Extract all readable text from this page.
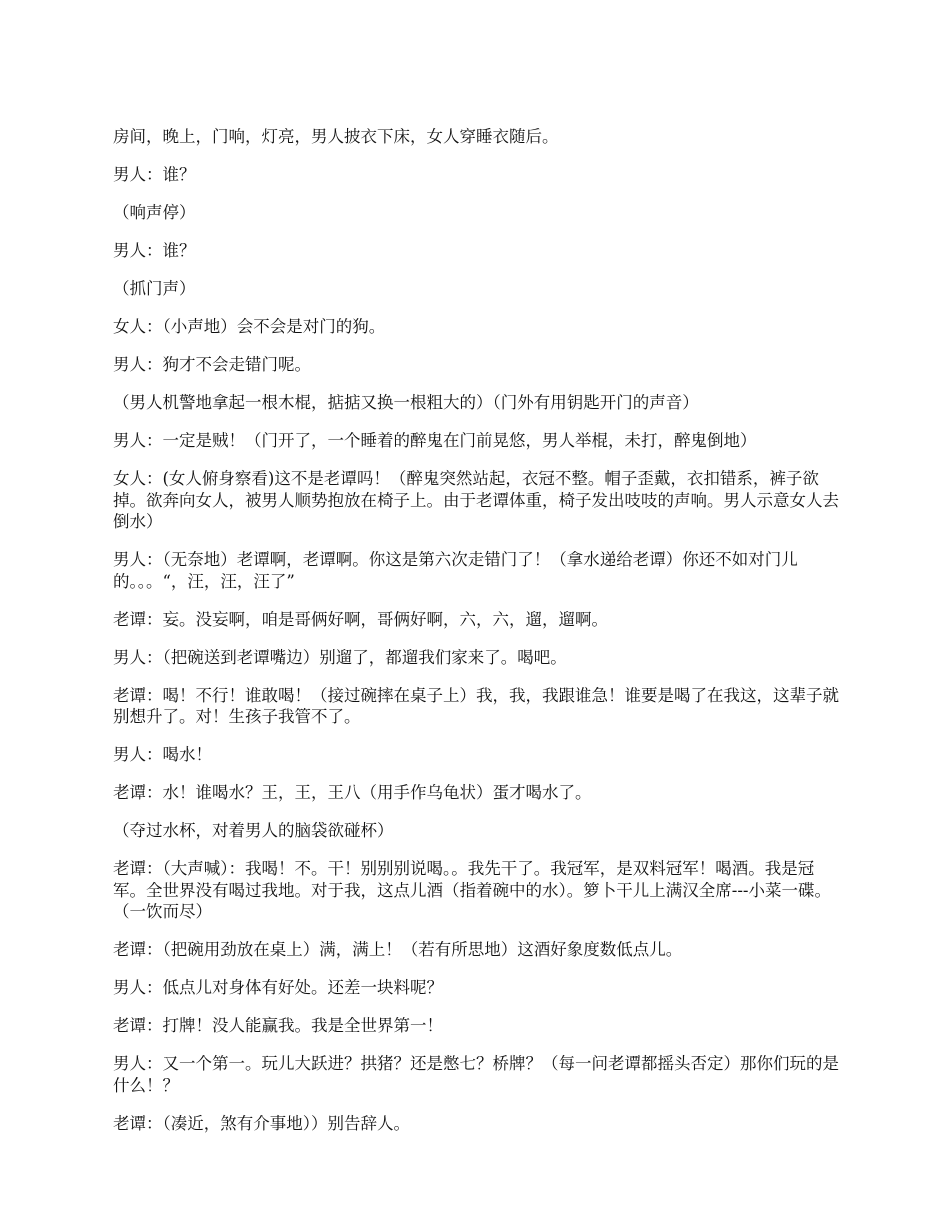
房间，晚上，门响，灯亮，男人披衣下床，女人穿睡衣随后。

男人：谁？

（响声停）

男人：谁？

（抓门声）

女人：（小声地）会不会是对门的狗。

男人：狗才不会走错门呢。

（男人机警地拿起一根木棍，掂掂又换一根粗大的）（门外有用钥匙开门的声音）

男人：一定是贼！（门开了，一个睡着的醉鬼在门前晃悠，男人举棍，未打，醉鬼倒地）

女人：(女人俯身察看)这不是老谭吗！（醉鬼突然站起，衣冠不整。帽子歪戴，衣扣错系，裤子欲掉。欲奔向女人，被男人顺势抱放在椅子上。由于老谭体重，椅子发出吱吱的声响。男人示意女人去倒水）

男人：（无奈地）老谭啊，老谭啊。你这是第六次走错门了！（拿水递给老谭）你还不如对门儿的。。。“，汪，汪，汪了”

老谭：妄。没妄啊，咱是哥俩好啊，哥俩好啊，六，六，遛，遛啊。

男人：（把碗送到老谭嘴边）别遛了，都遛我们家来了。喝吧。

老谭：喝！不行！谁敢喝！（接过碗摔在桌子上）我，我，我跟谁急！谁要是喝了在我这，这辈子就别想升了。对！生孩子我管不了。

男人：喝水！

老谭：水！谁喝水？王，王，王八（用手作乌龟状）蛋才喝水了。

（夺过水杯，对着男人的脑袋欲碰杯）

老谭：（大声喊）：我喝！不。干！别别别说喝。。我先干了。我冠军，是双料冠军！喝酒。我是冠军。全世界没有喝过我地。对于我，这点儿酒（指着碗中的水）。箩卜干儿上满汉全席---小菜一碟。（一饮而尽）

老谭：（把碗用劲放在桌上）满，满上！（若有所思地）这酒好象度数低点儿。

男人：低点儿对身体有好处。还差一块料呢？

老谭：打牌！没人能赢我。我是全世界第一！

男人：又一个第一。玩儿大跃进？拱猪？还是憋七？桥牌？（每一问老谭都摇头否定）那你们玩的是什么！？

老谭：（凑近，煞有介事地））别告辞人。
